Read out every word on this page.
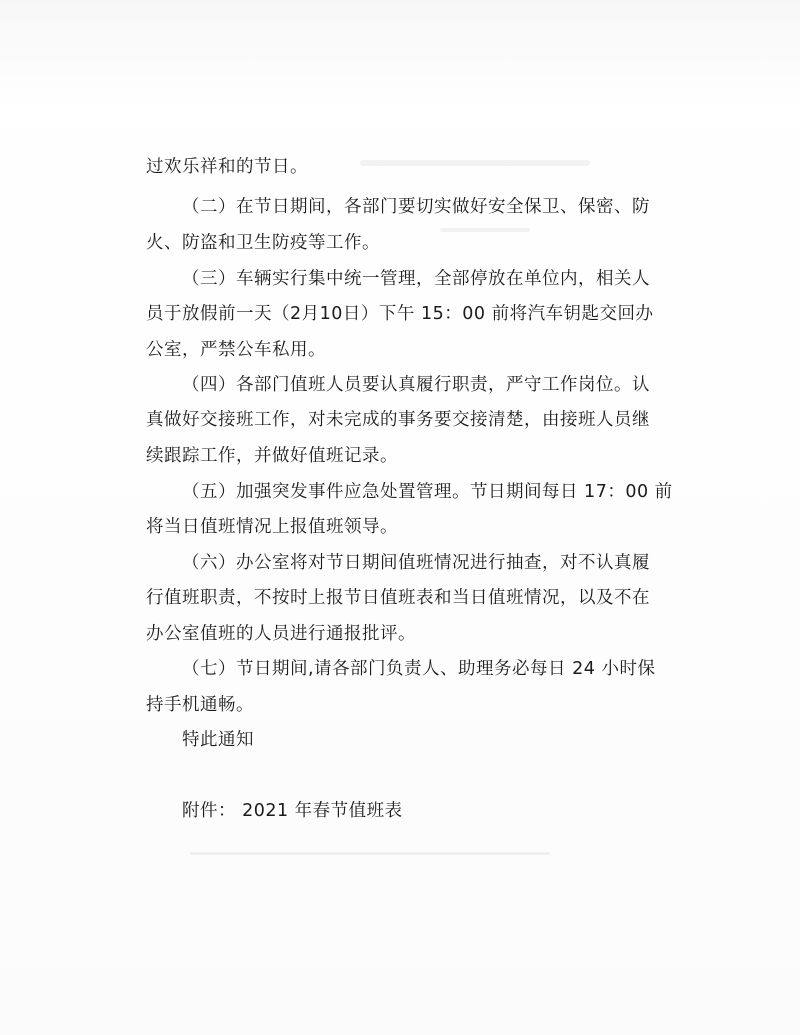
过欢乐祥和的节日。
（二）在节日期间，各部门要切实做好安全保卫、保密、防
火、防盗和卫生防疫等工作。
（三）车辆实行集中统一管理，全部停放在单位内，相关人
员于放假前一天（2月10日）下午 15：00 前将汽车钥匙交回办
公室，严禁公车私用。
（四）各部门值班人员要认真履行职责，严守工作岗位。认
真做好交接班工作，对未完成的事务要交接清楚，由接班人员继
续跟踪工作，并做好值班记录。
（五）加强突发事件应急处置管理。节日期间每日 17：00 前
将当日值班情况上报值班领导。
（六）办公室将对节日期间值班情况进行抽查，对不认真履
行值班职责，不按时上报节日值班表和当日值班情况，以及不在
办公室值班的人员进行通报批评。
（七）节日期间,请各部门负责人、助理务必每日 24 小时保
持手机通畅。
特此通知
附件： 2021 年春节值班表
